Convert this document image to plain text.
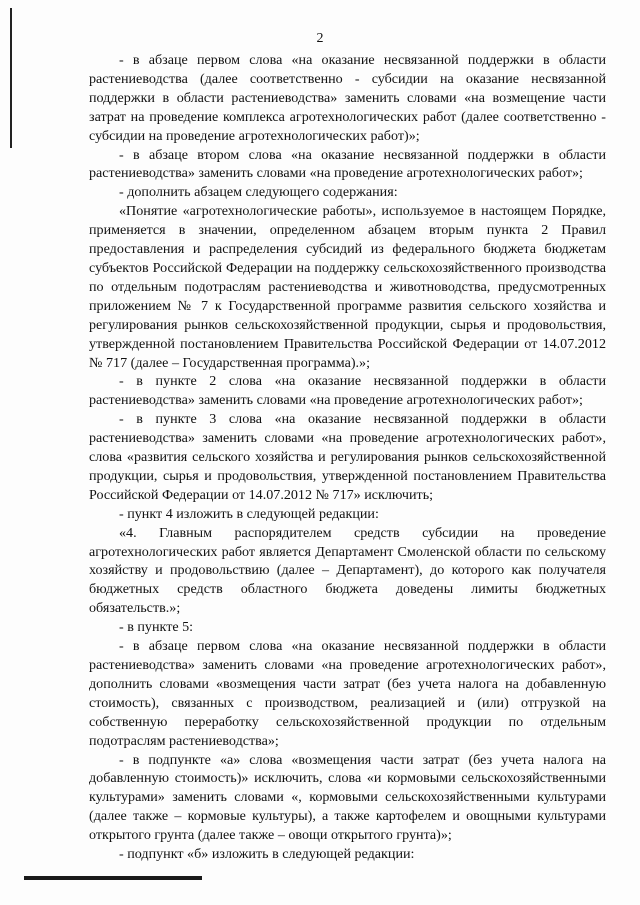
2

- в абзаце первом слова «на оказание несвязанной поддержки в области растениеводства (далее соответственно - субсидии на оказание несвязанной поддержки в области растениеводства» заменить словами «на возмещение части затрат на проведение комплекса агротехнологических работ (далее соответственно - субсидии на проведение агротехнологических работ)»;

- в абзаце втором слова «на оказание несвязанной поддержки в области растениеводства» заменить словами «на проведение агротехнологических работ»;

- дополнить абзацем следующего содержания:

«Понятие «агротехнологические работы», используемое в настоящем Порядке, применяется в значении, определенном абзацем вторым пункта 2 Правил предоставления и распределения субсидий из федерального бюджета бюджетам субъектов Российской Федерации на поддержку сельскохозяйственного производства по отдельным подотраслям растениеводства и животноводства, предусмотренных приложением № 7 к Государственной программе развития сельского хозяйства и регулирования рынков сельскохозяйственной продукции, сырья и продовольствия, утвержденной постановлением Правительства Российской Федерации от 14.07.2012 № 717 (далее – Государственная программа).»;

- в пункте 2 слова «на оказание несвязанной поддержки в области растениеводства» заменить словами «на проведение агротехнологических работ»;

- в пункте 3 слова «на оказание несвязанной поддержки в области растениеводства» заменить словами «на проведение агротехнологических работ», слова «развития сельского хозяйства и регулирования рынков сельскохозяйственной продукции, сырья и продовольствия, утвержденной постановлением Правительства Российской Федерации от 14.07.2012 № 717» исключить;

- пункт 4 изложить в следующей редакции:

«4. Главным распорядителем средств субсидии на проведение агротехнологических работ является Департамент Смоленской области по сельскому хозяйству и продовольствию (далее – Департамент), до которого как получателя бюджетных средств областного бюджета доведены лимиты бюджетных обязательств.»;

- в пункте 5:

- в абзаце первом слова «на оказание несвязанной поддержки в области растениеводства» заменить словами «на проведение агротехнологических работ», дополнить словами «возмещения части затрат (без учета налога на добавленную стоимость), связанных с производством, реализацией и (или) отгрузкой на собственную переработку сельскохозяйственной продукции по отдельным подотраслям растениеводства»;

- в подпункте «а» слова «возмещения части затрат (без учета налога на добавленную стоимость)» исключить, слова «и кормовыми сельскохозяйственными культурами» заменить словами «, кормовыми сельскохозяйственными культурами (далее также – кормовые культуры), а также картофелем и овощными культурами открытого грунта (далее также – овощи открытого грунта)»;

- подпункт «б» изложить в следующей редакции:
